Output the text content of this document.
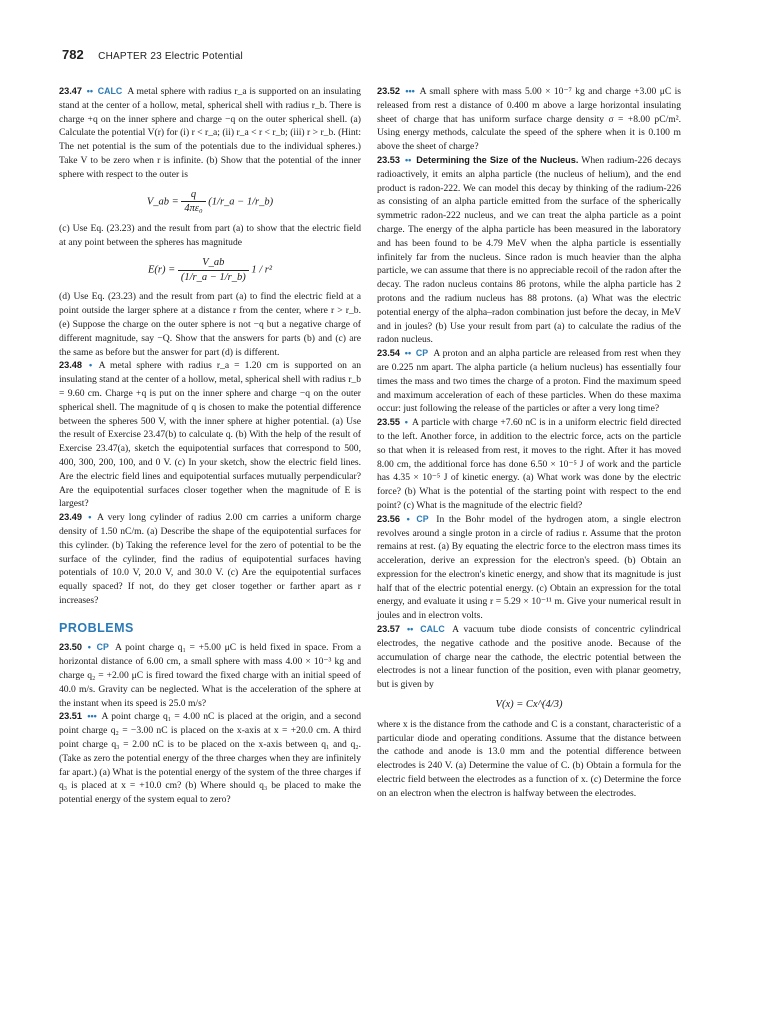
782 CHAPTER 23 Electric Potential

23.47 •• CALC A metal sphere with radius r_a is supported on an insulating stand at the center of a hollow, metal, spherical shell with radius r_b. There is charge +q on the inner sphere and charge −q on the outer spherical shell. (a) Calculate the potential V(r) for (i) r < r_a; (ii) r_a < r < r_b; (iii) r > r_b. (Hint: The net potential is the sum of the potentials due to the individual spheres.) Take V to be zero when r is infinite. (b) Show that the potential of the inner sphere with respect to the outer is

V_ab = $\frac{q}{\text{4πε₀}}$ (1/r_a − 1/r_b)

(c) Use Eq. (23.23) and the result from part (a) to show that the electric field at any point between the spheres has magnitude

$E(r) = \frac{V\_ab}{(1/r\_a - 1/r\_b)} 1 / r^2$

(d) Use Eq. (23.23) and the result from part (a) to find the electric field at a point outside the larger sphere at a distance r from the center, where r > r_b. (e) Suppose the charge on the outer sphere is not −q but a negative charge of different magnitude, say −Q. Show that the answers for parts (b) and (c) are the same as before but the answer for part (d) is different.

23.48 • A metal sphere with radius r_a = 1.20 cm is supported on an insulating stand at the center of a hollow, metal, spherical shell with radius r_b = 9.60 cm. Charge +q is put on the inner sphere and charge −q on the outer spherical shell. The magnitude of q is chosen to make the potential difference between the spheres 500 V, with the inner sphere at higher potential. (a) Use the result of Exercise 23.47(b) to calculate q. (b) With the help of the result of Exercise 23.47(a), sketch the equipotential surfaces that correspond to 500, 400, 300, 200, 100, and 0 V. (c) In your sketch, show the electric field lines. Are the electric field lines and equipotential surfaces mutually perpendicular? Are the equipotential surfaces closer together when the magnitude of E is largest?

23.49 • A very long cylinder of radius 2.00 cm carries a uniform charge density of 1.50 nC/m. (a) Describe the shape of the equipotential surfaces for this cylinder. (b) Taking the reference level for the zero of potential to be the surface of the cylinder, find the radius of equipotential surfaces having potentials of 10.0 V, 20.0 V, and 30.0 V. (c) Are the equipotential surfaces equally spaced? If not, do they get closer together or farther apart as r increases?

PROBLEMS

23.50 • CP A point charge q₁ = +5.00 μC is held fixed in space. From a horizontal distance of 6.00 cm, a small sphere with mass 4.00 × 10⁻³ kg and charge q₂ = +2.00 μC is fired toward the fixed charge with an initial speed of 40.0 m/s. Gravity can be neglected. What is the acceleration of the sphere at the instant when its speed is 25.0 m/s?

23.51 ••• A point charge q₁ = 4.00 nC is placed at the origin, and a second point charge q₂ = −3.00 nC is placed on the x-axis at x = +20.0 cm. A third point charge q₃ = 2.00 nC is to be placed on the x-axis between q₁ and q₂. (Take as zero the potential energy of the three charges when they are infinitely far apart.) (a) What is the potential energy of the system of the three charges if q₃ is placed at x = +10.0 cm? (b) Where should q₃ be placed to make the potential energy of the system equal to zero?

23.52 ••• A small sphere with mass 5.00 × 10⁻⁷ kg and charge +3.00 μC is released from rest a distance of 0.400 m above a large horizontal insulating sheet of charge that has uniform surface charge density σ = +8.00 pC/m². Using energy methods, calculate the speed of the sphere when it is 0.100 m above the sheet of charge?

23.53 •• Determining the Size of the Nucleus. When radium-226 decays radioactively, it emits an alpha particle (the nucleus of helium), and the end product is radon-222. We can model this decay by thinking of the radium-226 as consisting of an alpha particle emitted from the surface of the spherically symmetric radon-222 nucleus, and we can treat the alpha particle as a point charge. The energy of the alpha particle has been measured in the laboratory and has been found to be 4.79 MeV when the alpha particle is essentially infinitely far from the nucleus. Since radon is much heavier than the alpha particle, we can assume that there is no appreciable recoil of the radon after the decay. The radon nucleus contains 86 protons, while the alpha particle has 2 protons and the radium nucleus has 88 protons. (a) What was the electric potential energy of the alpha–radon combination just before the decay, in MeV and in joules? (b) Use your result from part (a) to calculate the radius of the radon nucleus.

23.54 •• CP A proton and an alpha particle are released from rest when they are 0.225 nm apart. The alpha particle (a helium nucleus) has essentially four times the mass and two times the charge of a proton. Find the maximum speed and maximum acceleration of each of these particles. When do these maxima occur: just following the release of the particles or after a very long time?

23.55 • A particle with charge +7.60 nC is in a uniform electric field directed to the left. Another force, in addition to the electric force, acts on the particle so that when it is released from rest, it moves to the right. After it has moved 8.00 cm, the additional force has done 6.50 × 10⁻⁵ J of work and the particle has 4.35 × 10⁻⁵ J of kinetic energy. (a) What work was done by the electric force? (b) What is the potential of the starting point with respect to the end point? (c) What is the magnitude of the electric field?

23.56 • CP In the Bohr model of the hydrogen atom, a single electron revolves around a single proton in a circle of radius r. Assume that the proton remains at rest. (a) By equating the electric force to the electron mass times its acceleration, derive an expression for the electron's speed. (b) Obtain an expression for the electron's kinetic energy, and show that its magnitude is just half that of the electric potential energy. (c) Obtain an expression for the total energy, and evaluate it using r = 5.29 × 10⁻¹¹ m. Give your numerical result in joules and in electron volts.

23.57 •• CALC A vacuum tube diode consists of concentric cylindrical electrodes, the negative cathode and the positive anode. Because of the accumulation of charge near the cathode, the electric potential between the electrodes is not a linear function of the position, even with planar geometry, but is given by

V(x) = Cx^(4/3)

where x is the distance from the cathode and C is a constant, characteristic of a particular diode and operating conditions. Assume that the distance between the cathode and anode is 13.0 mm and the potential difference between electrodes is 240 V. (a) Determine the value of C. (b) Obtain a formula for the electric field between the electrodes as a function of x. (c) Determine the force on an electron when the electron is halfway between the electrodes.
